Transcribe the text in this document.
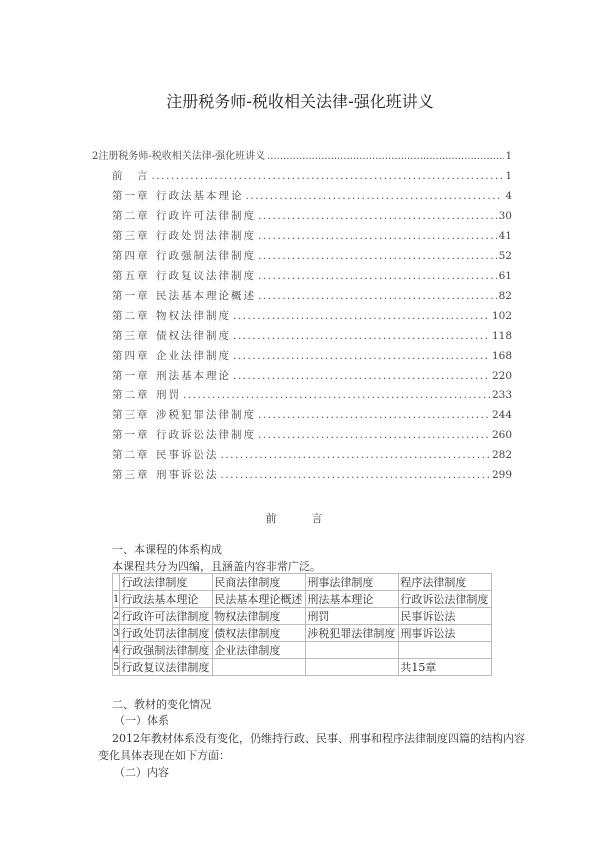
注册税务师-税收相关法律-强化班讲义
2注册税务师-税收相关法律-强化班讲义 .....	1
前　言 .....	1
第一章 行政法基本理论 .....	4
第二章 行政许可法律制度 .....	30
第三章 行政处罚法律制度 .....	41
第四章 行政强制法律制度 .....	52
第五章 行政复议法律制度 .....	61
第一章 民法基本理论概述 .....	82
第二章 物权法律制度 .....	102
第三章 债权法律制度 .....	118
第四章 企业法律制度 .....	168
第一章 刑法基本理论 .....	220
第二章 刑罚 .....	233
第三章 涉税犯罪法律制度 .....	244
第一章 行政诉讼法律制度 .....	260
第二章 民事诉讼法 .....	282
第三章 刑事诉讼法 .....	299
前　言
一、本课程的体系构成
本课程共分为四编，且涵盖内容非常广泛。
	行政法律制度	民商法律制度	刑事法律制度	程序法律制度
1	行政法基本理论	民法基本理论概述	刑法基本理论	行政诉讼法律制度
2	行政许可法律制度	物权法律制度	刑罚	民事诉讼法
3	行政处罚法律制度	债权法律制度	涉税犯罪法律制度	刑事诉讼法
4	行政强制法律制度	企业法律制度		
5	行政复议法律制度			共15章
二、教材的变化情况
（一）体系
2012年教材体系没有变化，仍维持行政、民事、刑事和程序法律制度四篇的结构内容
变化具体表现在如下方面：
（二）内容
